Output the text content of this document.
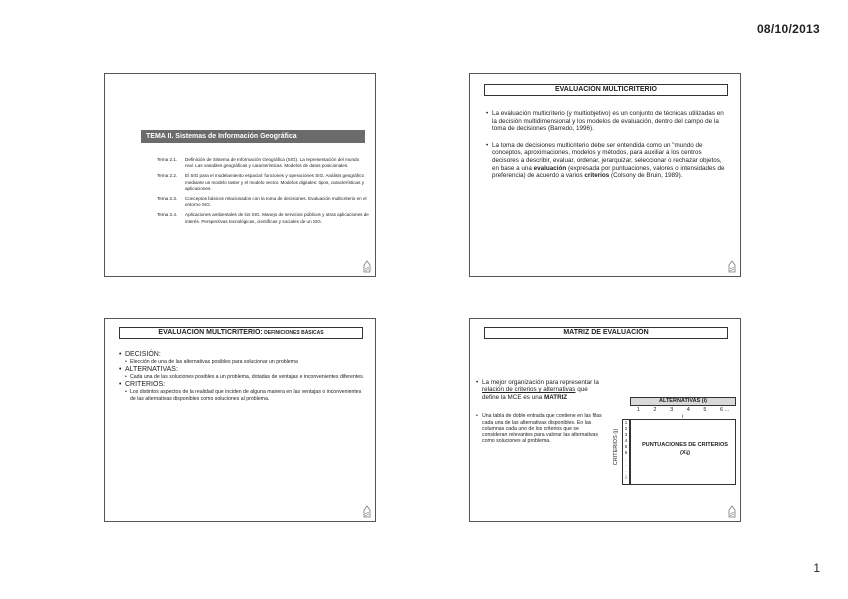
08/10/2013
TEMA II. Sistemas de Información Geográfica
Tema 2.1.	Definición de Sistema de Información Geográfica (SIG). La representación del mundo real. Las variables geográficas y características. Modelos de datos posicionales.
Tema 2.2.	El SIG para el modelamiento espacial: funciones y operaciones SIG. Análisis geográfico mediante un modelo raster y el modelo vector. Modelos digitales: tipos, características y aplicaciones.
Tema 2.3.	Conceptos básicos relacionados con la toma de decisiones. Evaluación multicriterio en el entorno SIG.
Tema 2.4.	Aplicaciones ambientales de los SIG. Manejo de servicios públicos y otras aplicaciones de interés. Perspectivas tecnológicas, científicas y sociales de un SIG.
EVALUACIÓN MULTICRITERIO
• La evaluación multicriterio (y multiobjetivo) es un conjunto de técnicas utilizadas en la decisión multidimensional y los modelos de evaluación, dentro del campo de la toma de decisiones (Barredo, 1996).
• La toma de decisiones multicriterio debe ser entendida como un "mundo de conceptos, aproximaciones, modelos y métodos, para auxiliar a los centros decisores a describir, evaluar, ordenar, jerarquizar, seleccionar o rechazar objetos, en base a una evaluación (expresada por puntuaciones, valores o intensidades de preferencia) de acuerdo a varios criterios (Colsony de Bruin, 1989).
EVALUACIÓN MULTICRITERIO: DEFINICIONES BÁSICAS
• DECISIÓN:
• Elección de una de las alternativas posibles para solucionar un problema
• ALTERNATIVAS:
• Cada una de las soluciones posibles a un problema, dotadas de ventajas e inconvenientes diferentes.
• CRITERIOS:
• Los distintos aspectos de la realidad que inciden de alguna manera en las ventajas o inconvenientes de las alternativas disponibles como soluciones al problema.
MATRIZ DE EVALUACIÓN
• La mejor organización para representar la relación de criterios y alternativas que define la MCE es una MATRIZ
• Una tabla de doble entrada que contiene en las filas cada una de las alternativas disponibles. En las columnas cada uno de los criterios que se consideran relevantes para valorar las alternativas como soluciones al problema.
ALTERNATIVAS (i)
1 2 3 4 5 6 ...
i
CRITERIOS (j)
1
2
3
4
5
6
.
.
.
j
PUNTUACIONES DE CRITERIOS
(Xij)
1
